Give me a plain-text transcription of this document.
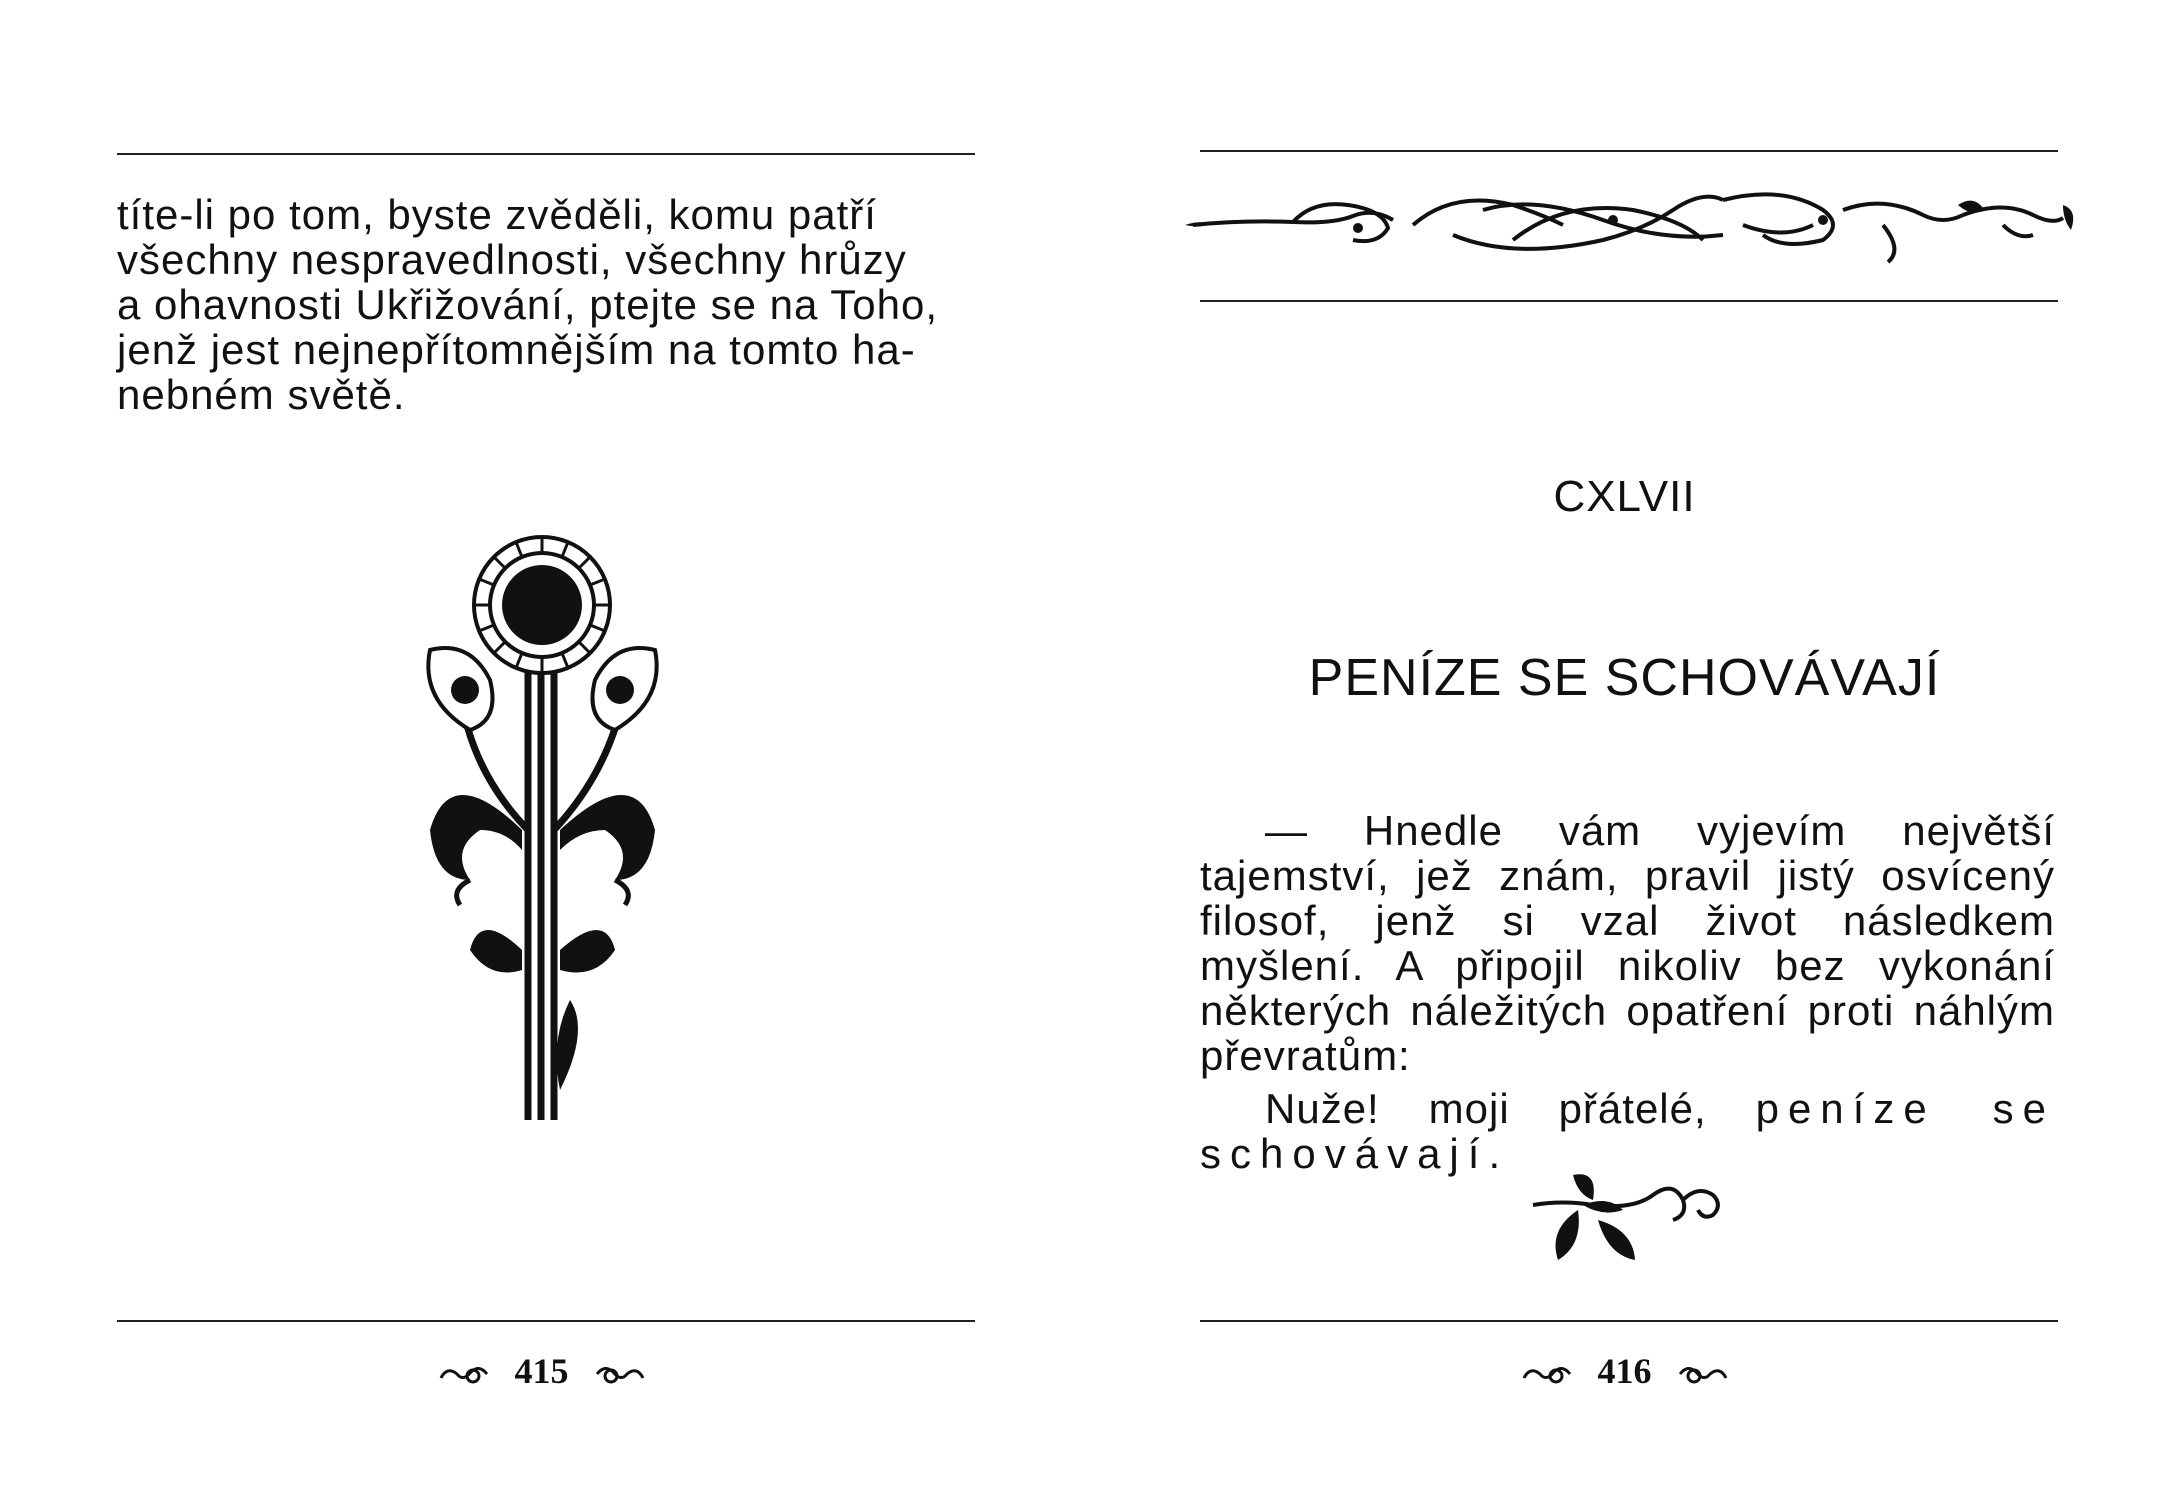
títe-li po tom, byste zvěděli, komu patří

všechny nespravedlnosti, všechny hrůzy

a ohavnosti Ukřižování, ptejte se na Toho,

jenž jest nejnepřítomnějším na tomto ha-

nebném světě.

415
CXLVII
PENÍZE SE SCHOVÁVAJÍ

— Hnedle vám vyjevím největší tajemství, jež znám, pravil jistý osvícený filosof, jenž si vzal život následkem myšlení. A připojil nikoliv bez vykonání některých náležitých opatření proti náhlým převratům:

Nuže! moji přátelé, peníze se schovávají.

416
